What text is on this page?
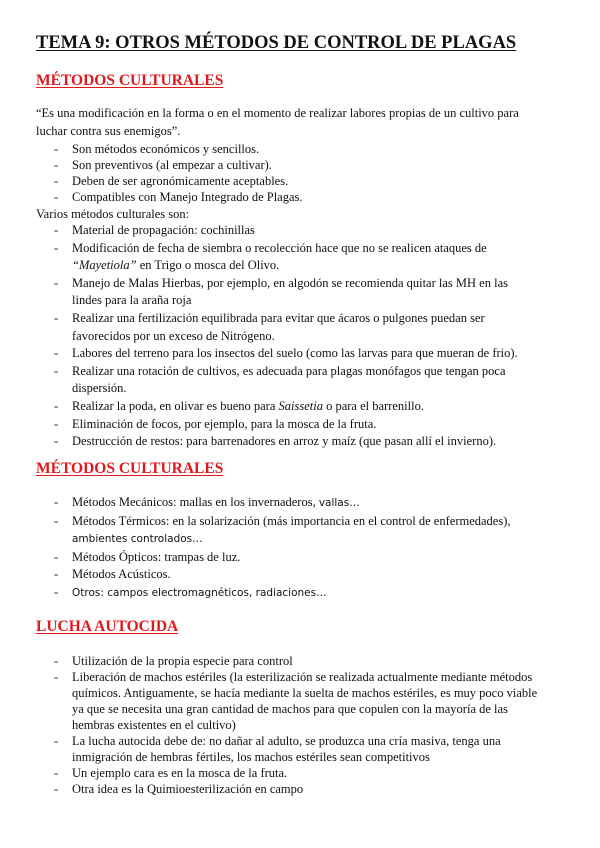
TEMA 9: OTROS MÉTODOS DE CONTROL DE PLAGAS
MÉTODOS CULTURALES
“Es una modificación en la forma o en el momento de realizar labores propias de un cultivo para
luchar contra sus enemigos”.
- Son métodos económicos y sencillos.
- Son preventivos (al empezar a cultivar).
- Deben de ser agronómicamente aceptables.
- Compatibles con Manejo Integrado de Plagas.
Varios métodos culturales son:
- Material de propagación: cochinillas
- Modificación de fecha de siembra o recolección hace que no se realicen ataques de
“Mayetiola” en Trigo o mosca del Olivo.
- Manejo de Malas Hierbas, por ejemplo, en algodón se recomienda quitar las MH en las
lindes para la araña roja
- Realizar una fertilización equilibrada para evitar que ácaros o pulgones puedan ser
favorecidos por un exceso de Nitrógeno.
- Labores del terreno para los insectos del suelo (como las larvas para que mueran de frio).
- Realizar una rotación de cultivos, es adecuada para plagas monófagos que tengan poca
dispersión.
- Realizar la poda, en olivar es bueno para Saissetia o para el barrenillo.
- Eliminación de focos, por ejemplo, para la mosca de la fruta.
- Destrucción de restos: para barrenadores en arroz y maíz (que pasan allí el invierno).
MÉTODOS CULTURALES
- Métodos Mecánicos: mallas en los invernaderos, vallas…
- Métodos Térmicos: en la solarización (más importancia en el control de enfermedades),
ambientes controlados…
- Métodos Ópticos: trampas de luz.
- Métodos Acústicos.
- Otros: campos electromagnéticos, radiaciones…
LUCHA AUTOCIDA
- Utilización de la propia especie para control
- Liberación de machos estériles (la esterilización se realizada actualmente mediante métodos
químicos. Antiguamente, se hacía mediante la suelta de machos estériles, es muy poco viable
ya que se necesita una gran cantidad de machos para que copulen con la mayoría de las
hembras existentes en el cultivo)
- La lucha autocida debe de: no dañar al adulto, se produzca una cría masiva, tenga una
inmigración de hembras fértiles, los machos estériles sean competitivos
- Un ejemplo cara es en la mosca de la fruta.
- Otra idea es la Quimioesterilización en campo
